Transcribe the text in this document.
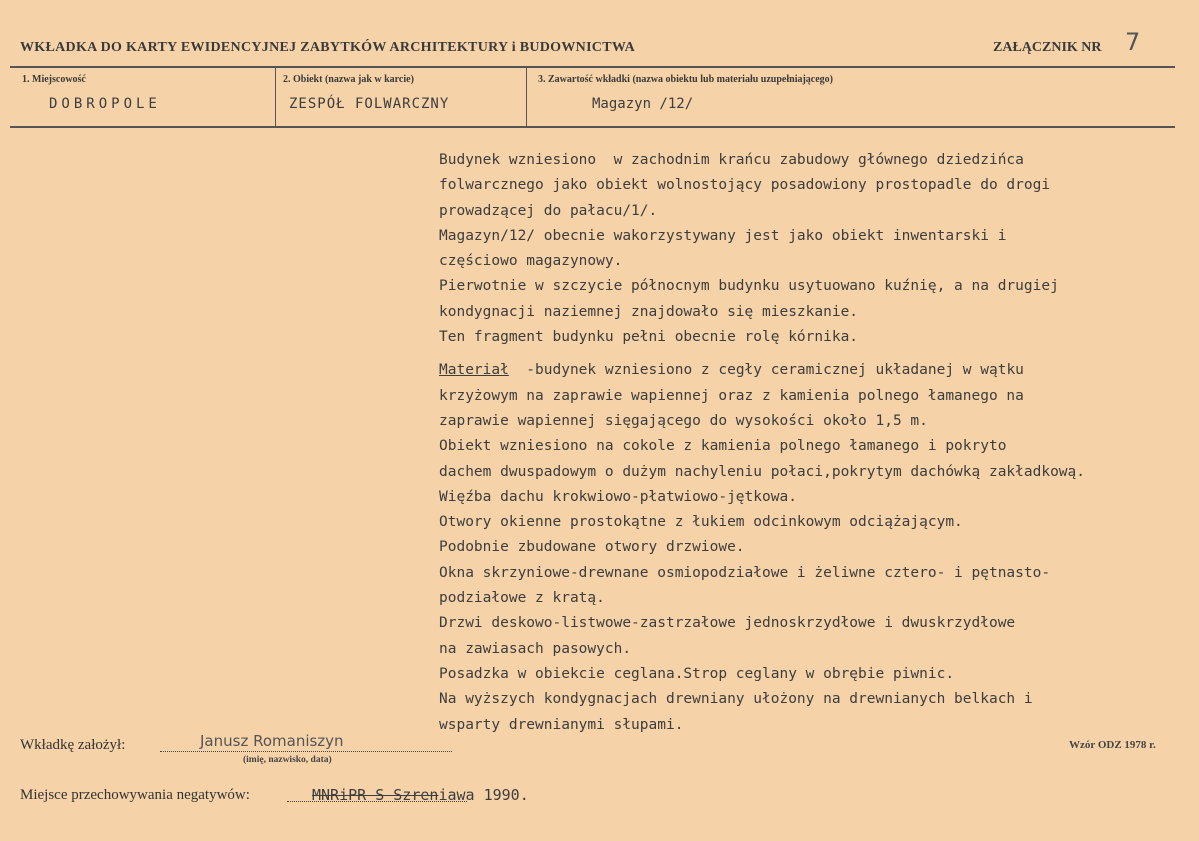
WKŁADKA DO KARTY EWIDENCYJNEJ ZABYTKÓW ARCHITEKTURY i BUDOWNICTWA	ZAŁĄCZNIK NR 7
1. Miejscowość
DOBROPOLE
2. Obiekt (nazwa jak w karcie)
ZESPÓŁ FOLWARCZNY
3. Zawartość wkładki (nazwa obiektu lub materiału uzupełniającego)
Magazyn /12/
Budynek wzniesiono  w zachodnim krańcu zabudowy głównego dziedzińca
folwarcznego jako obiekt wolnostojący posadowiony prostopadle do drogi
prowadzącej do pałacu/1/.
Magazyn/12/ obecnie wakorzystywany jest jako obiekt inwentarski i
częściowo magazynowy.
Pierwotnie w szczycie północnym budynku usytuowano kuźnię, a na drugiej
kondygnacji naziemnej znajdowało się mieszkanie.
Ten fragment budynku pełni obecnie rolę kórnika.
Materiał  -budynek wzniesiono z cegły ceramicznej układanej w wątku
krzyżowym na zaprawie wapiennej oraz z kamienia polnego łamanego na
zaprawie wapiennej sięgającego do wysokości około 1,5 m.
Obiekt wzniesiono na cokole z kamienia polnego łamanego i pokryto
dachem dwuspadowym o dużym nachyleniu połaci,pokrytym dachówką zakładkową.
Więźba dachu krokwiowo-płatwiowo-jętkowa.
Otwory okienne prostokątne z łukiem odcinkowym odciążającym.
Podobnie zbudowane otwory drzwiowe.
Okna skrzyniowe-drewnane osmiopodziałowe i żeliwne cztero- i pętnasto-
podziałowe z kratą.
Drzwi deskowo-listwowe-zastrzałowe jednoskrzydłowe i dwuskrzydłowe
na zawiasach pasowych.
Posadzka w obiekcie ceglana.Strop ceglany w obrębie piwnic.
Na wyższych kondygnacjach drewniany ułożony na drewnianych belkach i
wsparty drewnianymi słupami.
Wkładkę założył:	Janusz Romaniszyn
(imię, nazwisko, data)
Wzór ODZ 1978 r.
Miejsce przechowywania negatywów:	MNRiPR S Szreniawa 1990.
